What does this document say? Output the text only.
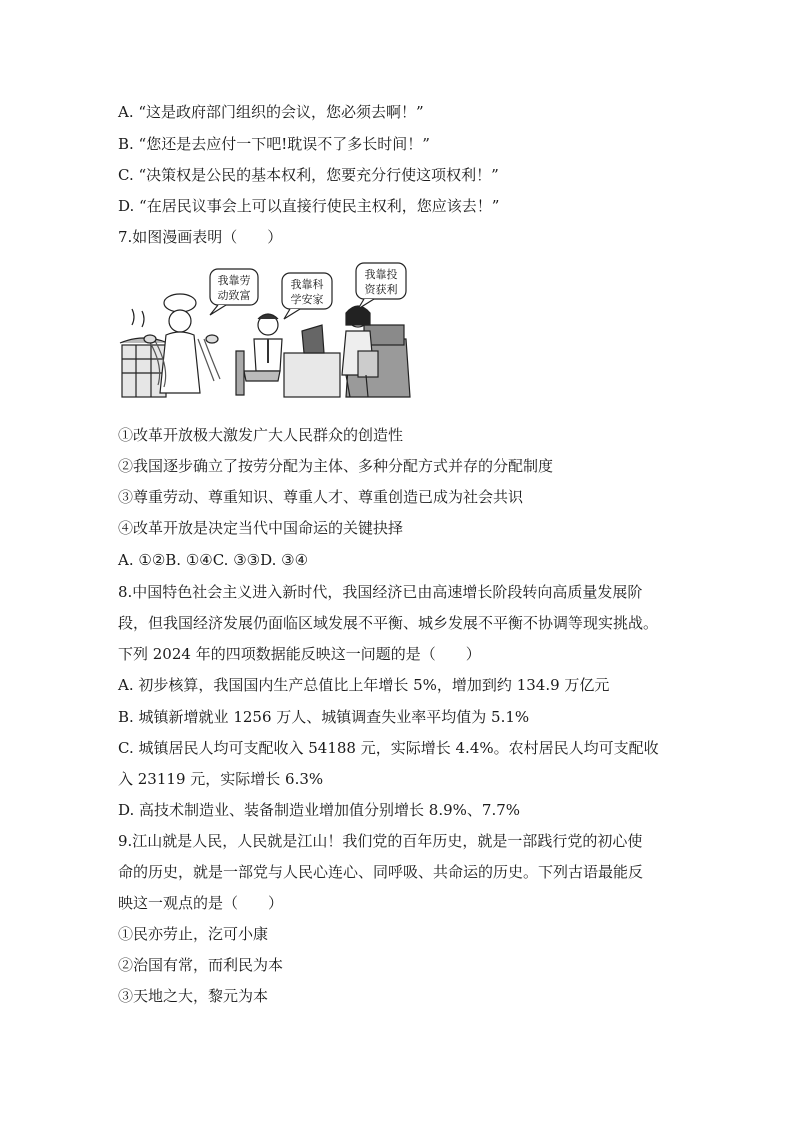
A. “这是政府部门组织的会议，您必须去啊！”
B. “您还是去应付一下吧!耽误不了多长时间！”
C. “决策权是公民的基本权利，您要充分行使这项权利！”
D. “在居民议事会上可以直接行使民主权利，您应该去！”
7.如图漫画表明（　　）
我靠劳
动致富
我靠科
学安家
我靠投
资获利
①改革开放极大激发广大人民群众的创造性
②我国逐步确立了按劳分配为主体、多种分配方式并存的分配制度
③尊重劳动、尊重知识、尊重人才、尊重创造已成为社会共识
④改革开放是决定当代中国命运的关键抉择
A. ①②B. ①④C. ③③D. ③④
8.中国特色社会主义进入新时代，我国经济已由高速增长阶段转向高质量发展阶
段，但我国经济发展仍面临区域发展不平衡、城乡发展不平衡不协调等现实挑战。
下列 2024 年的四项数据能反映这一问题的是（　　）
A. 初步核算，我国国内生产总值比上年增长 5%，增加到约 134.9 万亿元
B. 城镇新增就业 1256 万人、城镇调查失业率平均值为 5.1%
C. 城镇居民人均可支配收入 54188 元，实际增长 4.4%。农村居民人均可支配收
入 23119 元，实际增长 6.3%
D. 高技术制造业、装备制造业增加值分别增长 8.9%、7.7%
9.江山就是人民，人民就是江山！我们党的百年历史，就是一部践行党的初心使
命的历史，就是一部党与人民心连心、同呼吸、共命运的历史。下列古语最能反
映这一观点的是（　　）
①民亦劳止，汔可小康
②治国有常，而利民为本
③天地之大，黎元为本
